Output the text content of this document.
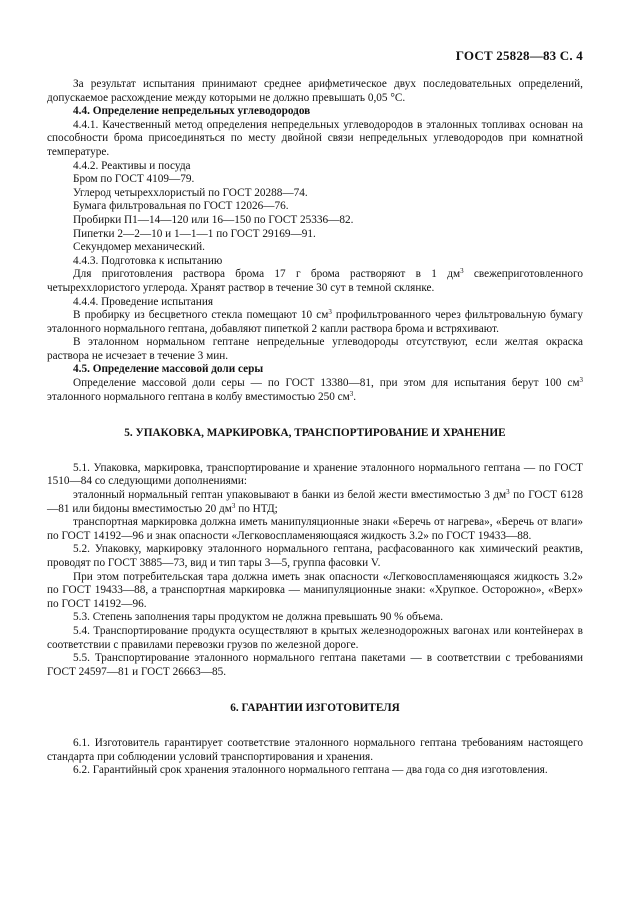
ГОСТ 25828—83 С. 4

За результат испытания принимают среднее арифметическое двух последовательных определений, допускаемое расхождение между которыми не должно превышать 0,05 °С.

4.4. Определение непредельных углеводородов

4.4.1. Качественный метод определения непредельных углеводородов в эталонных топливах основан на способности брома присоединяться по месту двойной связи непредельных углеводородов при комнатной температуре.

4.4.2. Реактивы и посуда

Бром по ГОСТ 4109—79.

Углерод четыреххлористый по ГОСТ 20288—74.

Бумага фильтровальная по ГОСТ 12026—76.

Пробирки П1—14—120 или 16—150 по ГОСТ 25336—82.

Пипетки 2—2—10 и 1—1—1 по ГОСТ 29169—91.

Секундомер механический.

4.4.3. Подготовка к испытанию

Для приготовления раствора брома 17 г брома растворяют в 1 $дм^3$ свежеприготовленного четыреххлористого углерода. Хранят раствор в течение 30 сут в темной склянке.

4.4.4. Проведение испытания

В пробирку из бесцветного стекла помещают 10 $см^3$ профильтрованного через фильтровальную бумагу эталонного нормального гептана, добавляют пипеткой 2 капли раствора брома и встряхивают.

В эталонном нормальном гептане непредельные углеводороды отсутствуют, если желтая окраска раствора не исчезает в течение 3 мин.

4.5. Определение массовой доли серы

Определение массовой доли серы — по ГОСТ 13380—81, при этом для испытания берут 100 $см^3$ эталонного нормального гептана в колбу вместимостью 250 $см^3$.

5. УПАКОВКА, МАРКИРОВКА, ТРАНСПОРТИРОВАНИЕ И ХРАНЕНИЕ

5.1. Упаковка, маркировка, транспортирование и хранение эталонного нормального гептана — по ГОСТ 1510—84 со следующими дополнениями:

эталонный нормальный гептан упаковывают в банки из белой жести вместимостью 3 $дм^3$ по ГОСТ 6128—81 или бидоны вместимостью 20 $дм^3$ по НТД;

транспортная маркировка должна иметь манипуляционные знаки «Беречь от нагрева», «Беречь от влаги» по ГОСТ 14192—96 и знак опасности «Легковоспламеняющаяся жидкость 3.2» по ГОСТ 19433—88.

5.2. Упаковку, маркировку эталонного нормального гептана, расфасованного как химический реактив, проводят по ГОСТ 3885—73, вид и тип тары 3—5, группа фасовки V.

При этом потребительская тара должна иметь знак опасности «Легковоспламеняющаяся жидкость 3.2» по ГОСТ 19433—88, а транспортная маркировка — манипуляционные знаки: «Хрупкое. Осторожно», «Верх» по ГОСТ 14192—96.

5.3. Степень заполнения тары продуктом не должна превышать 90 % объема.

5.4. Транспортирование продукта осуществляют в крытых железнодорожных вагонах или контейнерах в соответствии с правилами перевозки грузов по железной дороге.

5.5. Транспортирование эталонного нормального гептана пакетами — в соответствии с требованиями ГОСТ 24597—81 и ГОСТ 26663—85.

6. ГАРАНТИИ ИЗГОТОВИТЕЛЯ

6.1. Изготовитель гарантирует соответствие эталонного нормального гептана требованиям настоящего стандарта при соблюдении условий транспортирования и хранения.

6.2. Гарантийный срок хранения эталонного нормального гептана — два года со дня изготовления.
